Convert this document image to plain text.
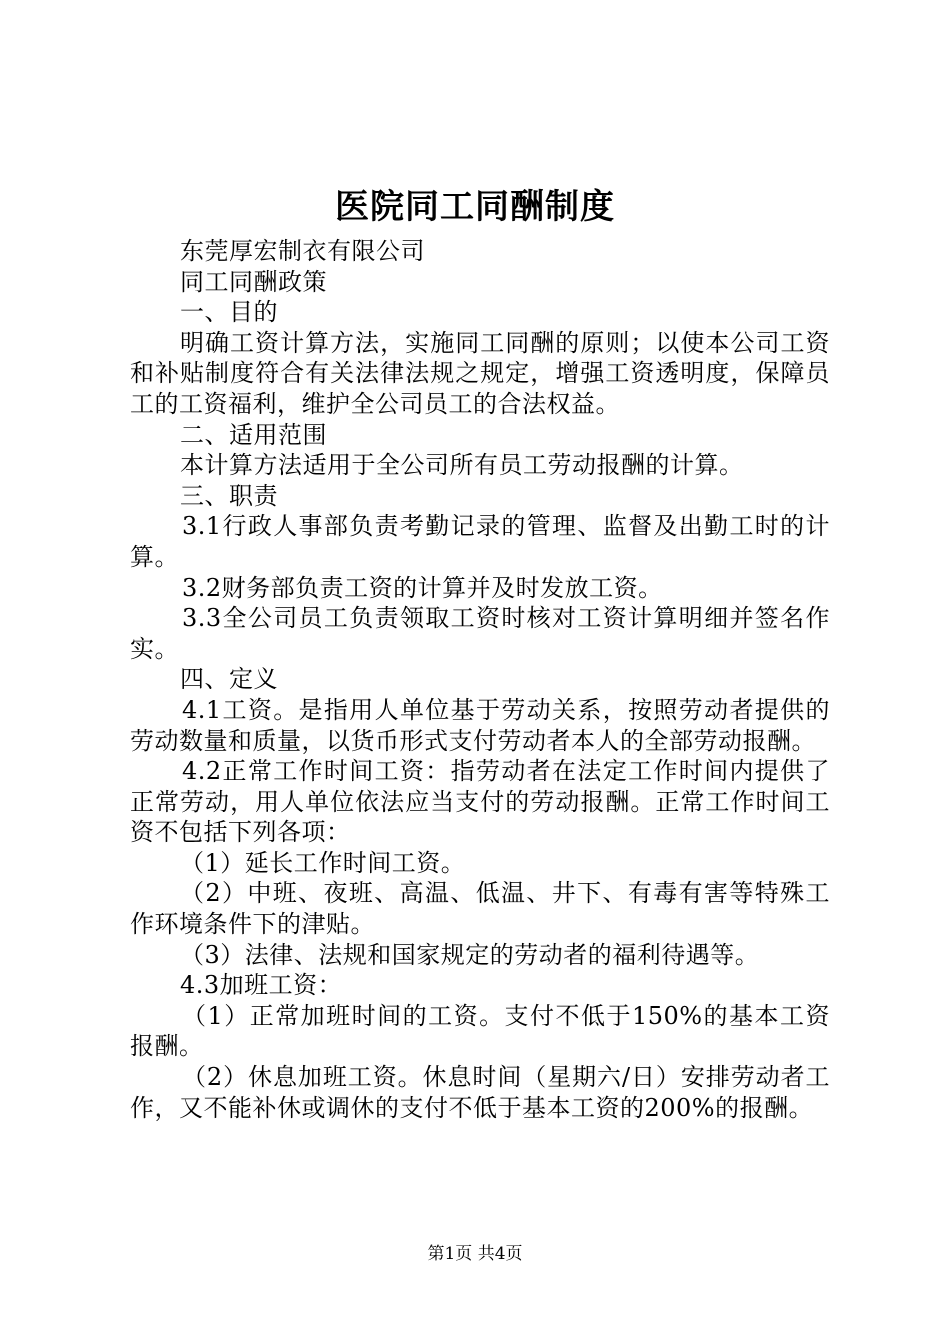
医院同工同酬制度

东莞厚宏制衣有限公司

同工同酬政策

一、目的

明确工资计算方法，实施同工同酬的原则；以使本公司工资和补贴制度符合有关法律法规之规定，增强工资透明度，保障员工的工资福利，维护全公司员工的合法权益。

二、适用范围

本计算方法适用于全公司所有员工劳动报酬的计算。

三、职责

3.1行政人事部负责考勤记录的管理、监督及出勤工时的计算。

3.2财务部负责工资的计算并及时发放工资。

3.3全公司员工负责领取工资时核对工资计算明细并签名作实。

四、定义

4.1工资。是指用人单位基于劳动关系，按照劳动者提供的劳动数量和质量，以货币形式支付劳动者本人的全部劳动报酬。

4.2正常工作时间工资：指劳动者在法定工作时间内提供了正常劳动，用人单位依法应当支付的劳动报酬。正常工作时间工资不包括下列各项：

（1）延长工作时间工资。

（2）中班、夜班、高温、低温、井下、有毒有害等特殊工作环境条件下的津贴。

（3）法律、法规和国家规定的劳动者的福利待遇等。

4.3加班工资：

（1）正常加班时间的工资。支付不低于150%的基本工资报酬。

（2）休息加班工资。休息时间（星期六/日）安排劳动者工作，又不能补休或调休的支付不低于基本工资的200%的报酬。

第1页 共4页
